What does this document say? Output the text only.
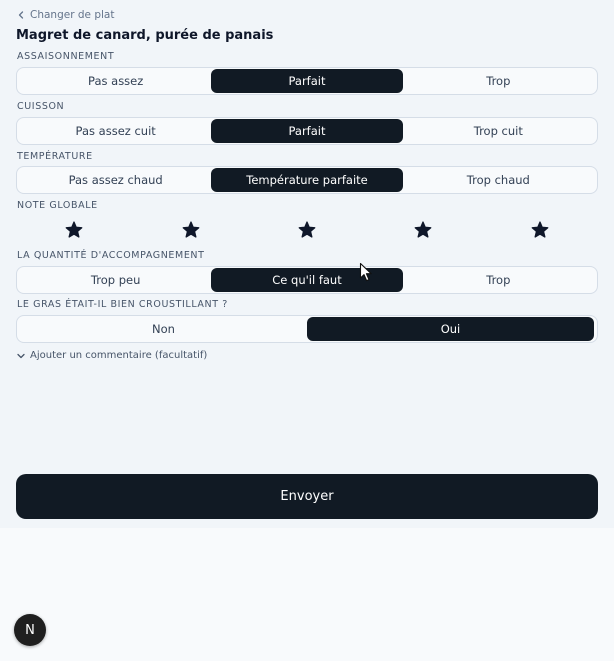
Changer de plat
Magret de canard, purée de panais
ASSAISONNEMENT
Pas assez	Parfait	Trop
CUISSON
Pas assez cuit	Parfait	Trop cuit
TEMPÉRATURE
Pas assez chaud	Température parfaite	Trop chaud
NOTE GLOBALE
LA QUANTITÉ D'ACCOMPAGNEMENT
Trop peu	Ce qu'il faut	Trop
LE GRAS ÉTAIT-IL BIEN CROUSTILLANT ?
Non	Oui
Ajouter un commentaire (facultatif)
Envoyer
N
